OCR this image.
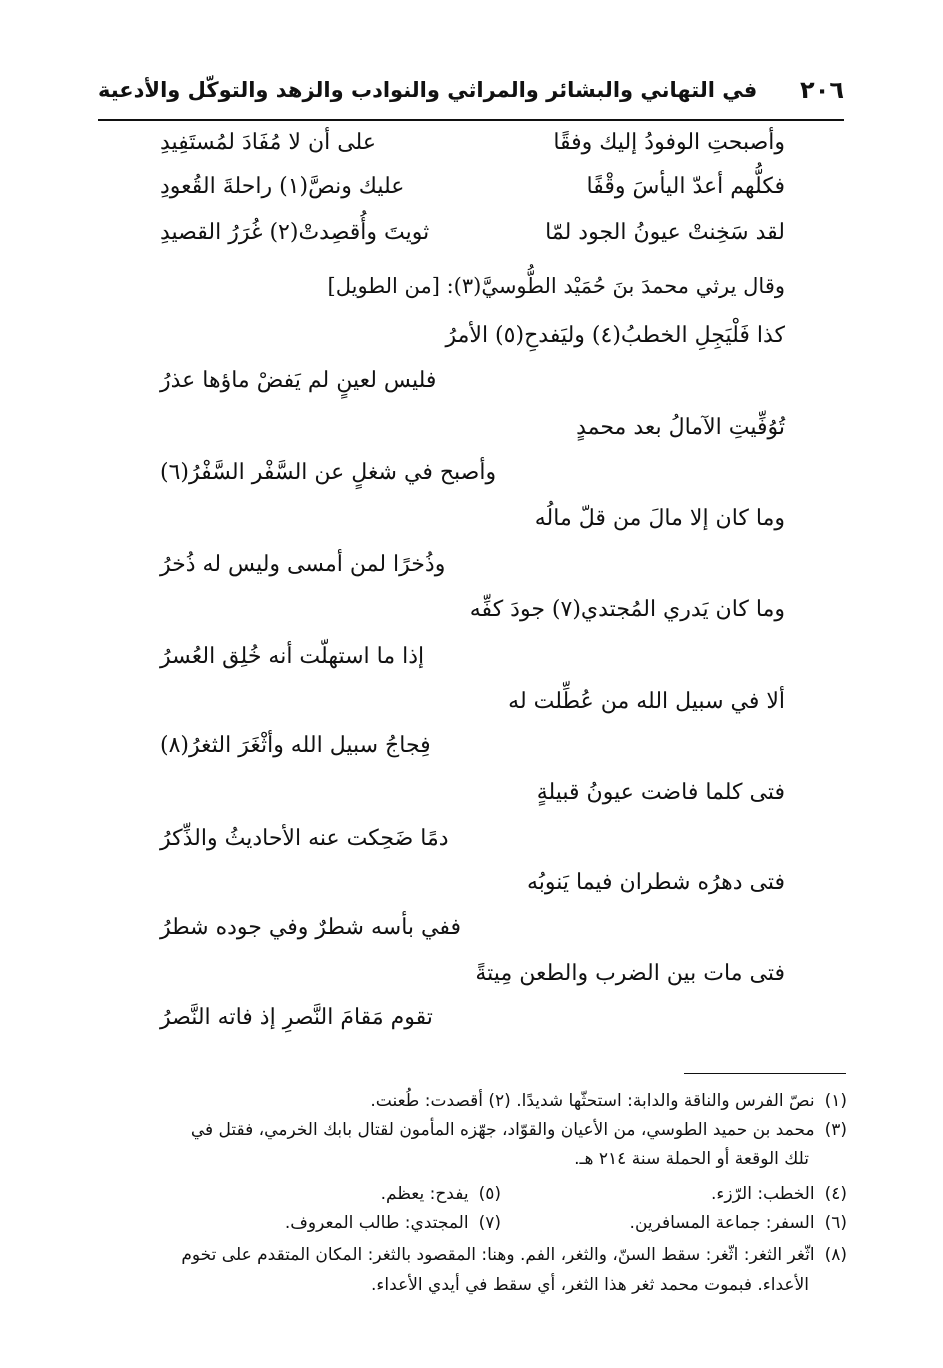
٢٠٦
في التهاني والبشائر والمراثي والنوادب والزهد والتوكّل والأدعية
وأصبحتِ الوفودُ إليك وفقًا
على أن لا مُفَادَ لمُستَفِيدِ
فكلُّهم أعدّ اليأسَ وقْفًا
عليك ونصَّ(١) راحلةَ القُعودِ
لقد سَخِنتْ عيونُ الجود لمّا
ثويتَ وأُقصِدتْ(٢) غُرَرُ القصيدِ
وقال يرثي محمدَ بنَ حُمَيْد الطُّوسيَّ(٣): [من الطويل]
كذا فَلْيَجِلِ الخطبُ(٤) وليَفدحِ(٥) الأمرُ
فليس لعينٍ لم يَفضْ ماؤها عذرُ
تُوُفِّيتِ الآمالُ بعد محمدٍ
وأصبح في شغلٍ عن السَّفْر السَّفْرُ(٦)
وما كان إلا مالَ من قلّ مالُه
وذُخرًا لمن أمسى وليس له ذُخرُ
وما كان يَدري المُجتدي(٧) جودَ كفِّه
إذا ما استهلّت أنه خُلِق العُسرُ
ألا في سبيل الله من عُطِّلت له
فِجاجُ سبيل الله وأثْغَرَ الثغرُ(٨)
فتى كلما فاضت عيونُ قبيلةٍ
دمًا ضَحِكت عنه الأحاديثُ والذِّكرُ
فتى دهرُه شطران فيما يَنوبُه
ففي بأسه شطرٌ وفي جوده شطرُ
فتى مات بين الضرب والطعن مِيتةً
تقوم مَقامَ النَّصرِ إذ فاته النَّصرُ
(١)نصّ الفرس والناقة والدابة: استحثّها شديدًا. (٢) أقصدت: طُعنت.
(٣)محمد بن حميد الطوسي، من الأعيان والقوّاد، جهّزه المأمون لقتال بابك الخرمي، فقتل في
تلك الوقعة أو الحملة سنة ٢١٤ هـ.
(٤)الخطب: الرّزء.
(٥)يفدح: يعظم.
(٦)السفر: جماعة المسافرين.
(٧)المجتدي: طالب المعروف.
(٨)اثّغر الثغر: اثّغر: سقط السنّ، والثغر، الفم. وهنا: المقصود بالثغر: المكان المتقدم على تخوم
الأعداء. فبموت محمد ثغر هذا الثغر، أي سقط في أيدي الأعداء.
